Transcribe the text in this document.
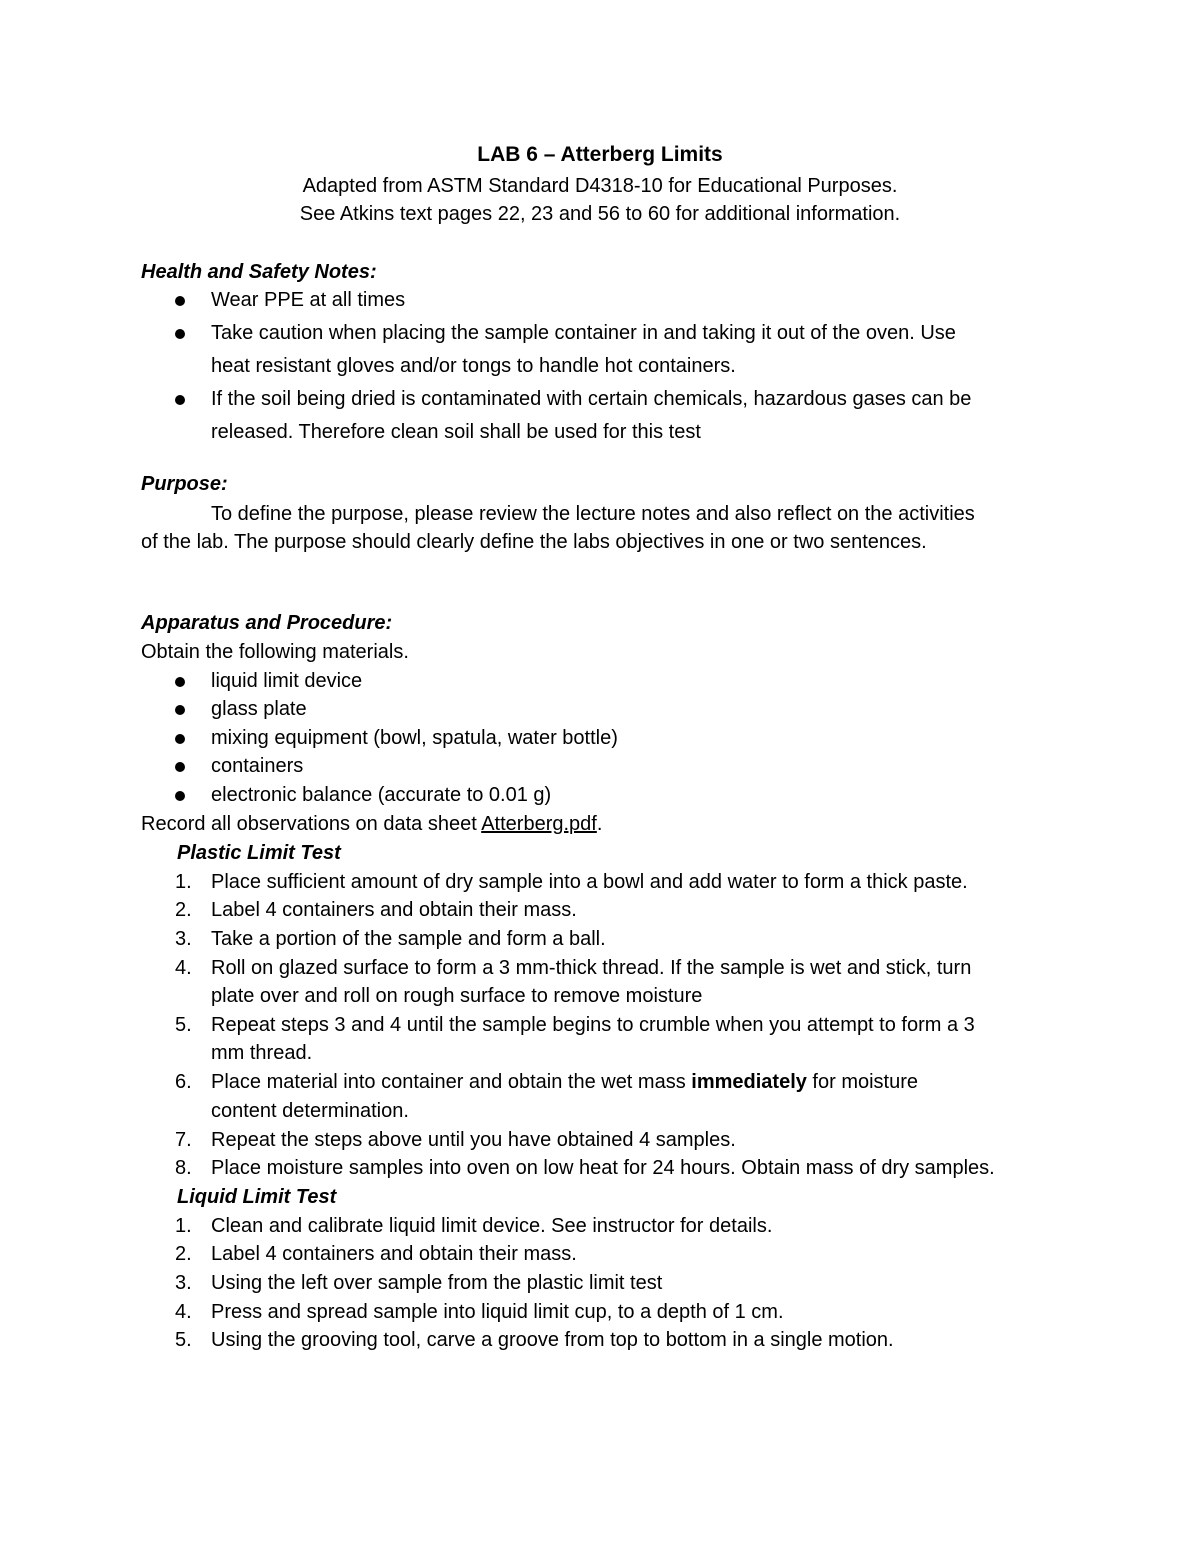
LAB 6 – Atterberg Limits
Adapted from ASTM Standard D4318-10 for Educational Purposes.
See Atkins text pages 22, 23 and 56 to 60 for additional information.
Health and Safety Notes:
Wear PPE at all times
Take caution when placing the sample container in and taking it out of the oven. Use
heat resistant gloves and/or tongs to handle hot containers.
If the soil being dried is contaminated with certain chemicals, hazardous gases can be
released. Therefore clean soil shall be used for this test
Purpose:
To define the purpose, please review the lecture notes and also reflect on the activities
of the lab. The purpose should clearly define the labs objectives in one or two sentences.
Apparatus and Procedure:
Obtain the following materials.
liquid limit device
glass plate
mixing equipment (bowl, spatula, water bottle)
containers
electronic balance (accurate to 0.01 g)
Record all observations on data sheet Atterberg.pdf.
Plastic Limit Test
1. Place sufficient amount of dry sample into a bowl and add water to form a thick paste.
2. Label 4 containers and obtain their mass.
3. Take a portion of the sample and form a ball.
4. Roll on glazed surface to form a 3 mm-thick thread. If the sample is wet and stick, turn
plate over and roll on rough surface to remove moisture
5. Repeat steps 3 and 4 until the sample begins to crumble when you attempt to form a 3
mm thread.
6. Place material into container and obtain the wet mass immediately for moisture
content determination.
7. Repeat the steps above until you have obtained 4 samples.
8. Place moisture samples into oven on low heat for 24 hours. Obtain mass of dry samples.
Liquid Limit Test
1. Clean and calibrate liquid limit device. See instructor for details.
2. Label 4 containers and obtain their mass.
3. Using the left over sample from the plastic limit test
4. Press and spread sample into liquid limit cup, to a depth of 1 cm.
5. Using the grooving tool, carve a groove from top to bottom in a single motion.
